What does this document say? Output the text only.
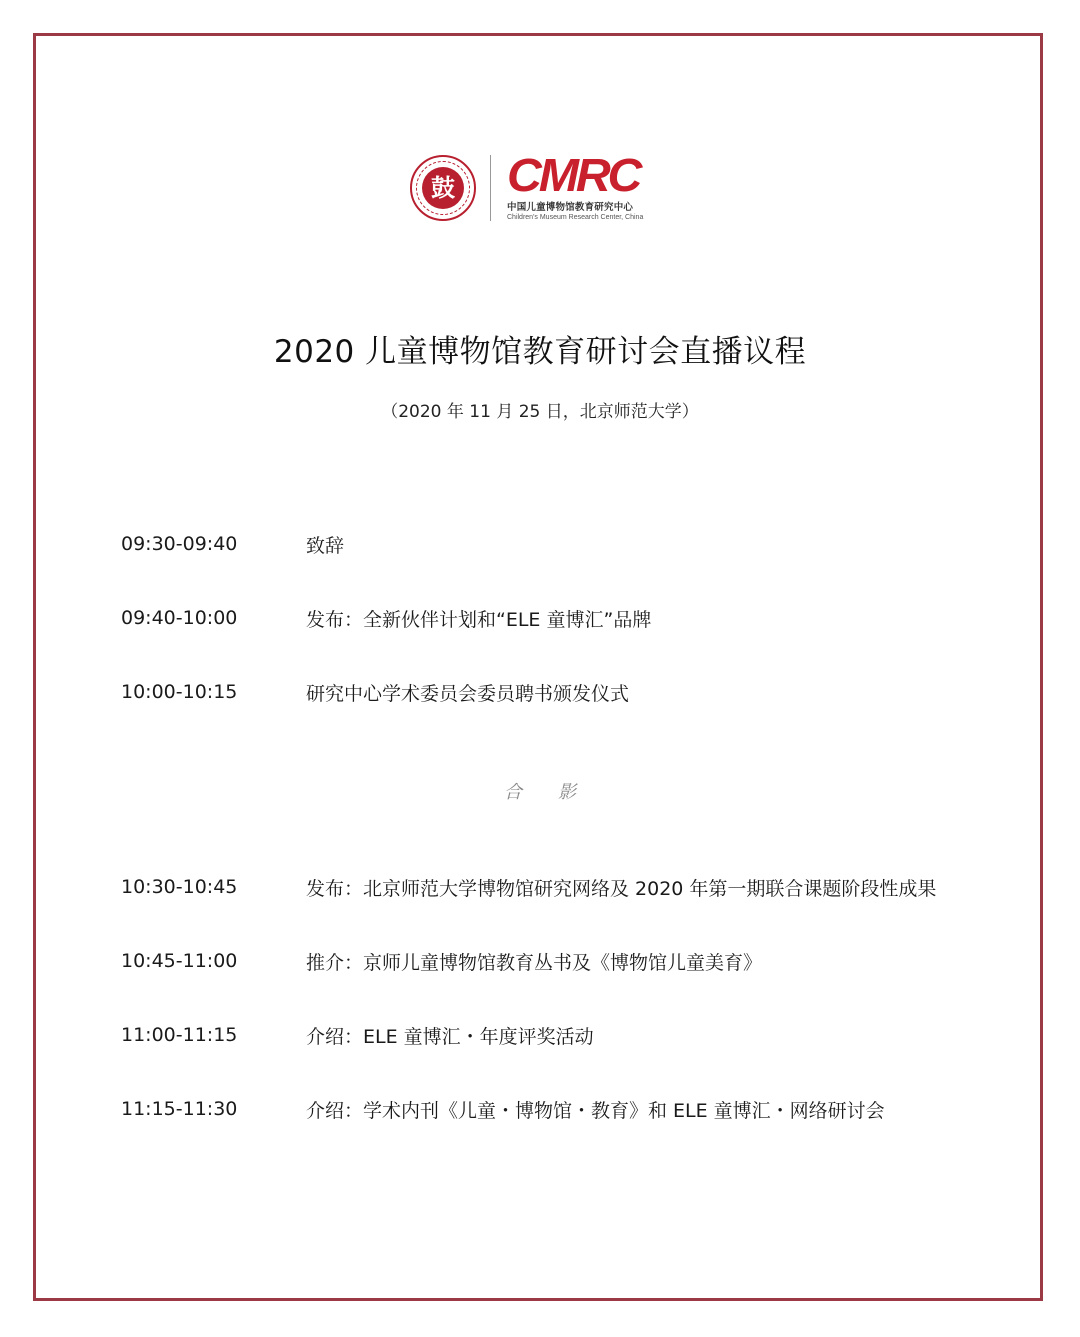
鼓 CMRC
中国儿童博物馆教育研究中心
Children's Museum Research Center, China
2020 儿童博物馆教育研讨会直播议程
（2020 年 11 月 25 日，北京师范大学）
09:30-09:40	致辞
09:40-10:00	发布：全新伙伴计划和“ELE 童博汇”品牌
10:00-10:15	研究中心学术委员会委员聘书颁发仪式
合影
10:30-10:45	发布：北京师范大学博物馆研究网络及 2020 年第一期联合课题阶段性成果
10:45-11:00	推介：京师儿童博物馆教育丛书及《博物馆儿童美育》
11:00-11:15	介绍：ELE 童博汇・年度评奖活动
11:15-11:30	介绍：学术内刊《儿童・博物馆・教育》和 ELE 童博汇・网络研讨会
